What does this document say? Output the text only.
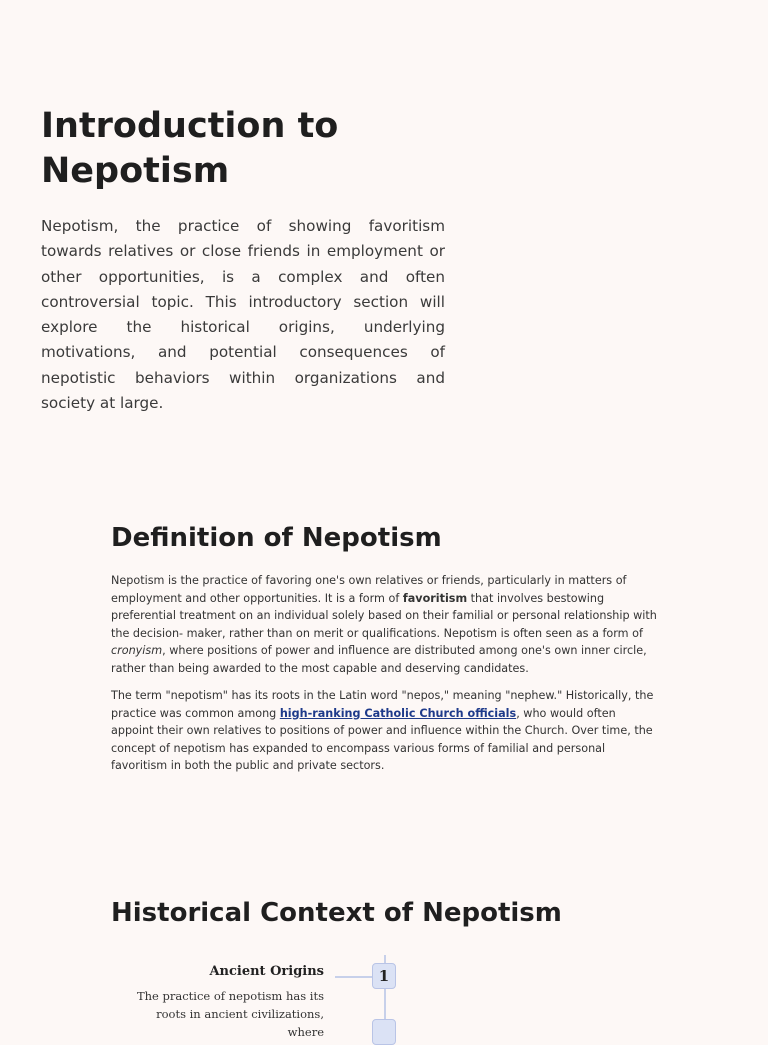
Introduction to Nepotism

Nepotism, the practice of showing favoritism towards relatives or close friends in employment or other opportunities, is a complex and often controversial topic. This introductory section will explore the historical origins, underlying motivations, and potential consequences of nepotistic behaviors within organizations and society at large.

Definition of Nepotism

Nepotism is the practice of favoring one's own relatives or friends, particularly in matters of employment and other opportunities. It is a form of favoritism that involves bestowing preferential treatment on an individual solely based on their familial or personal relationship with the decision- maker, rather than on merit or qualifications. Nepotism is often seen as a form of cronyism, where positions of power and influence are distributed among one's own inner circle, rather than being awarded to the most capable and deserving candidates.

The term "nepotism" has its roots in the Latin word "nepos," meaning "nephew." Historically, the practice was common among high-ranking Catholic Church officials, who would often appoint their own relatives to positions of power and influence within the Church. Over time, the concept of nepotism has expanded to encompass various forms of familial and personal favoritism in both the public and private sectors.

Historical Context of Nepotism
1
Ancient Origins
The practice of nepotism has its roots in ancient civilizations, where
